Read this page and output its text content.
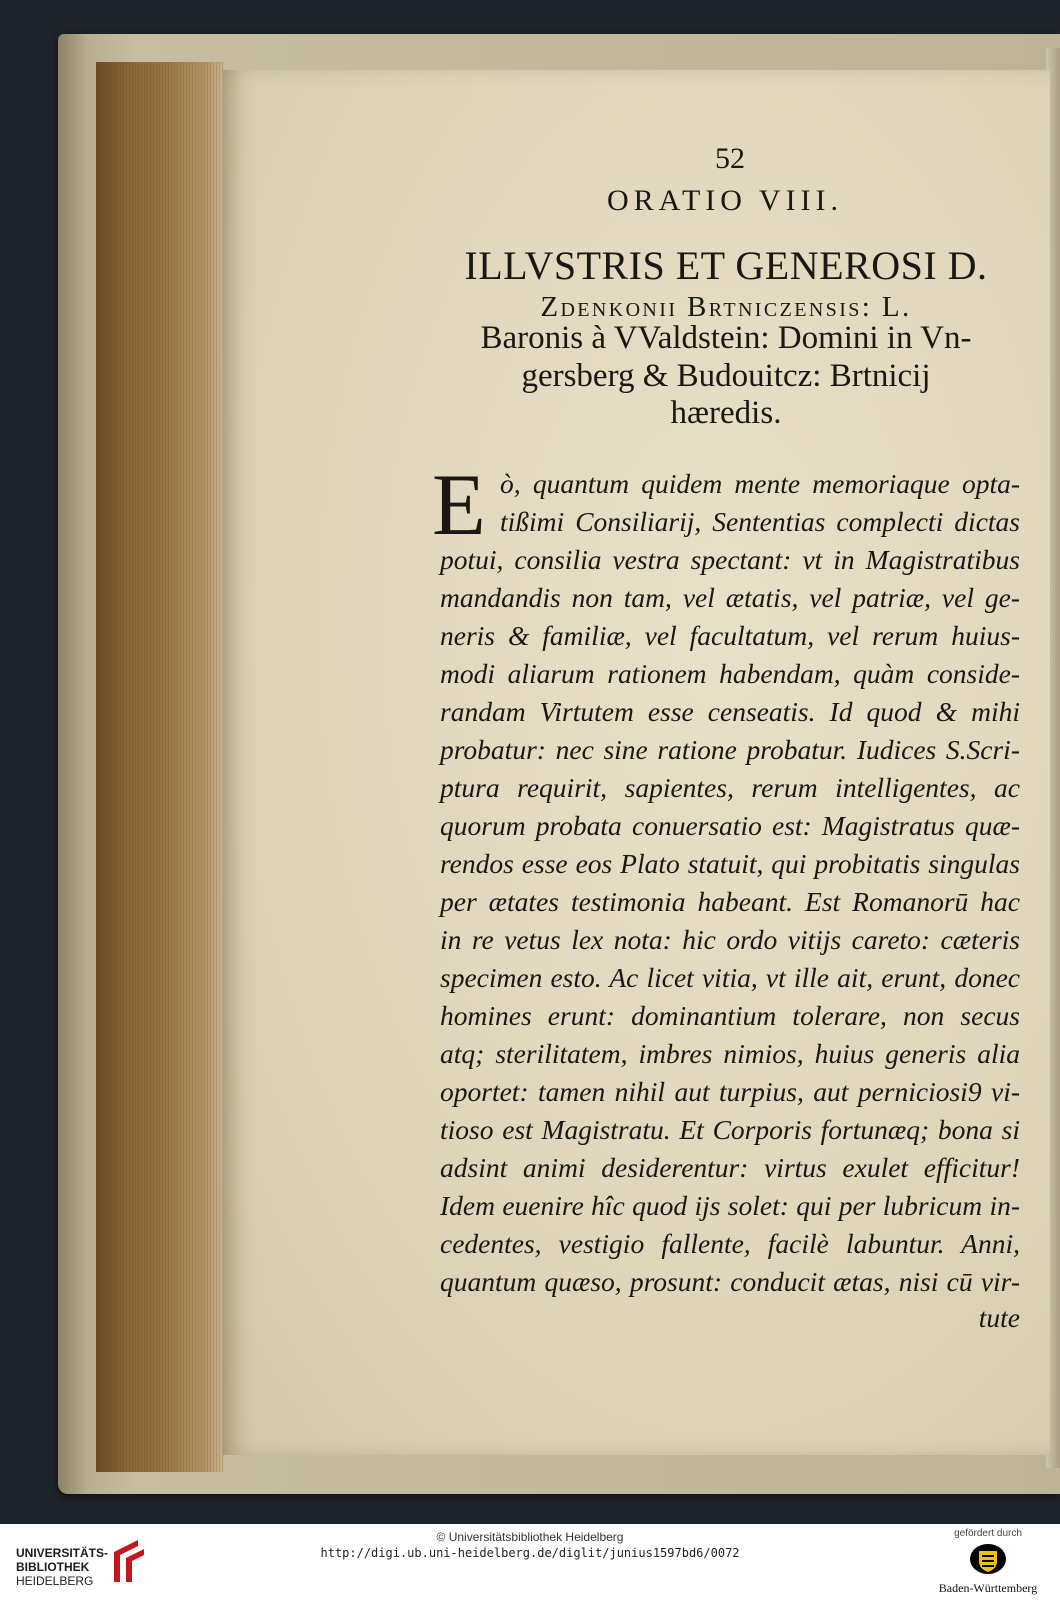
52
ORATIO VIII.
ILLVSTRIS ET GENEROSI D.
Zdenkonii Brtniczensis: L.
Baronis à VValdstein: Domini in Vn-
gersberg & Budouitcz: Brtnicij
hæredis.
E ò, quantum quidem mente memoriaque opta-
tißimi Consiliarij, Sententias complecti dictas
potui, consilia vestra spectant: vt in Magistratibus
mandandis non tam, vel ætatis, vel patriæ, vel ge-
neris & familiæ, vel facultatum, vel rerum huius-
modi aliarum rationem habendam, quàm conside-
randam Virtutem esse censeatis. Id quod & mihi
probatur: nec sine ratione probatur. Iudices S.Scri-
ptura requirit, sapientes, rerum intelligentes, ac
quorum probata conuersatio est: Magistratus quæ-
rendos esse eos Plato statuit, qui probitatis singulas
per ætates testimonia habeant. Est Romanorū hac
in re vetus lex nota: hic ordo vitijs careto: cæteris
specimen esto. Ac licet vitia, vt ille ait, erunt, donec
homines erunt: dominantium tolerare, non secus
atq; sterilitatem, imbres nimios, huius generis alia
oportet: tamen nihil aut turpius, aut perniciosi9 vi-
tioso est Magistratu. Et Corporis fortunæq; bona si
adsint animi desiderentur: virtus exulet efficitur!
Idem euenire hîc quod ijs solet: qui per lubricum in-
cedentes, vestigio fallente, facilè labuntur. Anni,
quantum quæso, prosunt: conducit ætas, nisi cū vir-
tute
UNIVERSITÄTS-
BIBLIOTHEK
HEIDELBERG
gefördert durch
Baden-Württemberg
© Universitätsbibliothek Heidelberg
http://digi.ub.uni-heidelberg.de/diglit/junius1597bd6/0072
